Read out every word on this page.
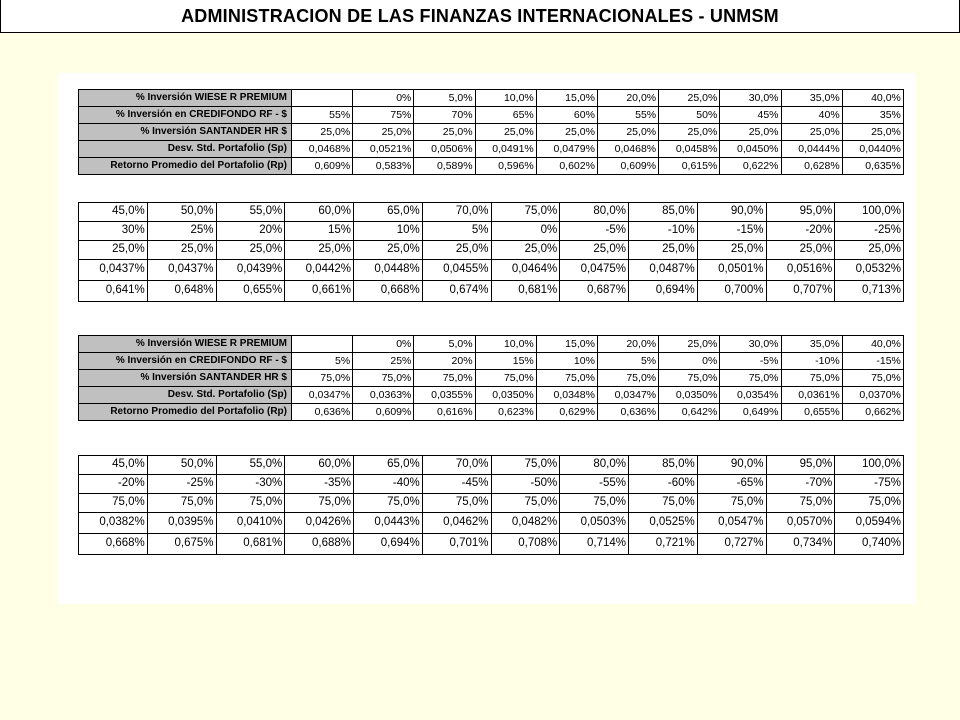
ADMINISTRACION DE LAS FINANZAS INTERNACIONALES - UNMSM
% Inversión WIESE R PREMIUM		0%	5,0%	10,0%	15,0%	20,0%	25,0%	30,0%	35,0%	40,0%
% Inversión en CREDIFONDO RF - $	55%	75%	70%	65%	60%	55%	50%	45%	40%	35%
% Inversión SANTANDER HR $	25,0%	25,0%	25,0%	25,0%	25,0%	25,0%	25,0%	25,0%	25,0%	25,0%
Desv. Std. Portafolio (Sp)	0,0468%	0,0521%	0,0506%	0,0491%	0,0479%	0,0468%	0,0458%	0,0450%	0,0444%	0,0440%
Retorno Promedio del Portafolio (Rp)	0,609%	0,583%	0,589%	0,596%	0,602%	0,609%	0,615%	0,622%	0,628%	0,635%
45,0%	50,0%	55,0%	60,0%	65,0%	70,0%	75,0%	80,0%	85,0%	90,0%	95,0%	100,0%
30%	25%	20%	15%	10%	5%	0%	-5%	-10%	-15%	-20%	-25%
25,0%	25,0%	25,0%	25,0%	25,0%	25,0%	25,0%	25,0%	25,0%	25,0%	25,0%	25,0%
0,0437%	0,0437%	0,0439%	0,0442%	0,0448%	0,0455%	0,0464%	0,0475%	0,0487%	0,0501%	0,0516%	0,0532%
0,641%	0,648%	0,655%	0,661%	0,668%	0,674%	0,681%	0,687%	0,694%	0,700%	0,707%	0,713%
% Inversión WIESE R PREMIUM		0%	5,0%	10,0%	15,0%	20,0%	25,0%	30,0%	35,0%	40,0%
% Inversión en CREDIFONDO RF - $	5%	25%	20%	15%	10%	5%	0%	-5%	-10%	-15%
% Inversión SANTANDER HR $	75,0%	75,0%	75,0%	75,0%	75,0%	75,0%	75,0%	75,0%	75,0%	75,0%
Desv. Std. Portafolio (Sp)	0,0347%	0,0363%	0,0355%	0,0350%	0,0348%	0,0347%	0,0350%	0,0354%	0,0361%	0,0370%
Retorno Promedio del Portafolio (Rp)	0,636%	0,609%	0,616%	0,623%	0,629%	0,636%	0,642%	0,649%	0,655%	0,662%
45,0%	50,0%	55,0%	60,0%	65,0%	70,0%	75,0%	80,0%	85,0%	90,0%	95,0%	100,0%
-20%	-25%	-30%	-35%	-40%	-45%	-50%	-55%	-60%	-65%	-70%	-75%
75,0%	75,0%	75,0%	75,0%	75,0%	75,0%	75,0%	75,0%	75,0%	75,0%	75,0%	75,0%
0,0382%	0,0395%	0,0410%	0,0426%	0,0443%	0,0462%	0,0482%	0,0503%	0,0525%	0,0547%	0,0570%	0,0594%
0,668%	0,675%	0,681%	0,688%	0,694%	0,701%	0,708%	0,714%	0,721%	0,727%	0,734%	0,740%
